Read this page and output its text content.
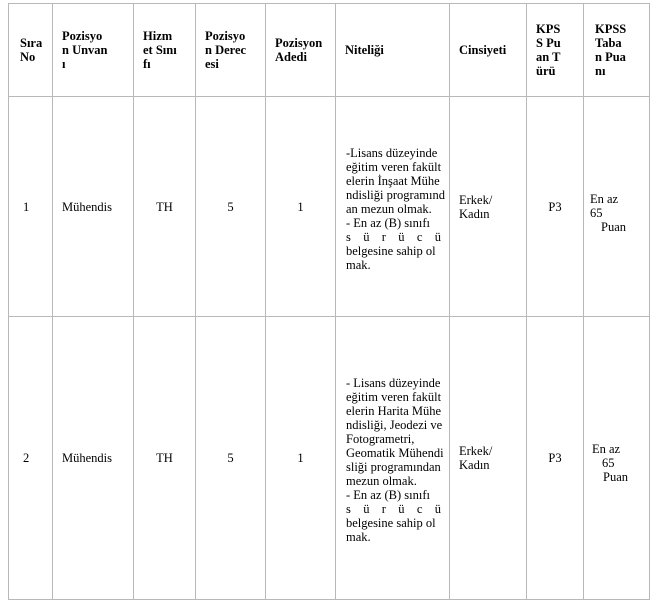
Sıra No	Pozisyon Unvanı	Hizmet Sınıfı	Pozisyon Derecesi	Pozisyon Adedi	Niteliği	Cinsiyeti	KPSS Puan Türü	KPSS Taban Puanı

1	Mühendis	TH	5	1	-Lisans düzeyinde eğitim veren fakültelerin İnşaat Mühendisliği programından mezun olmak.
- En az (B) sınıfı
s ü r ü c ü
belgesine sahip olmak.	Erkek/ Kadın	P3	En az
65
Puan

2	Mühendis	TH	5	1	- Lisans düzeyinde eğitim veren fakültelerin Harita Mühendisliği, Jeodezi ve Fotogrametri,
Geomatik Mühendisliği programından mezun olmak.
- En az (B) sınıfı
s ü r ü c ü
belgesine sahip olmak.	Erkek/ Kadın	P3	En az
65
Puan
